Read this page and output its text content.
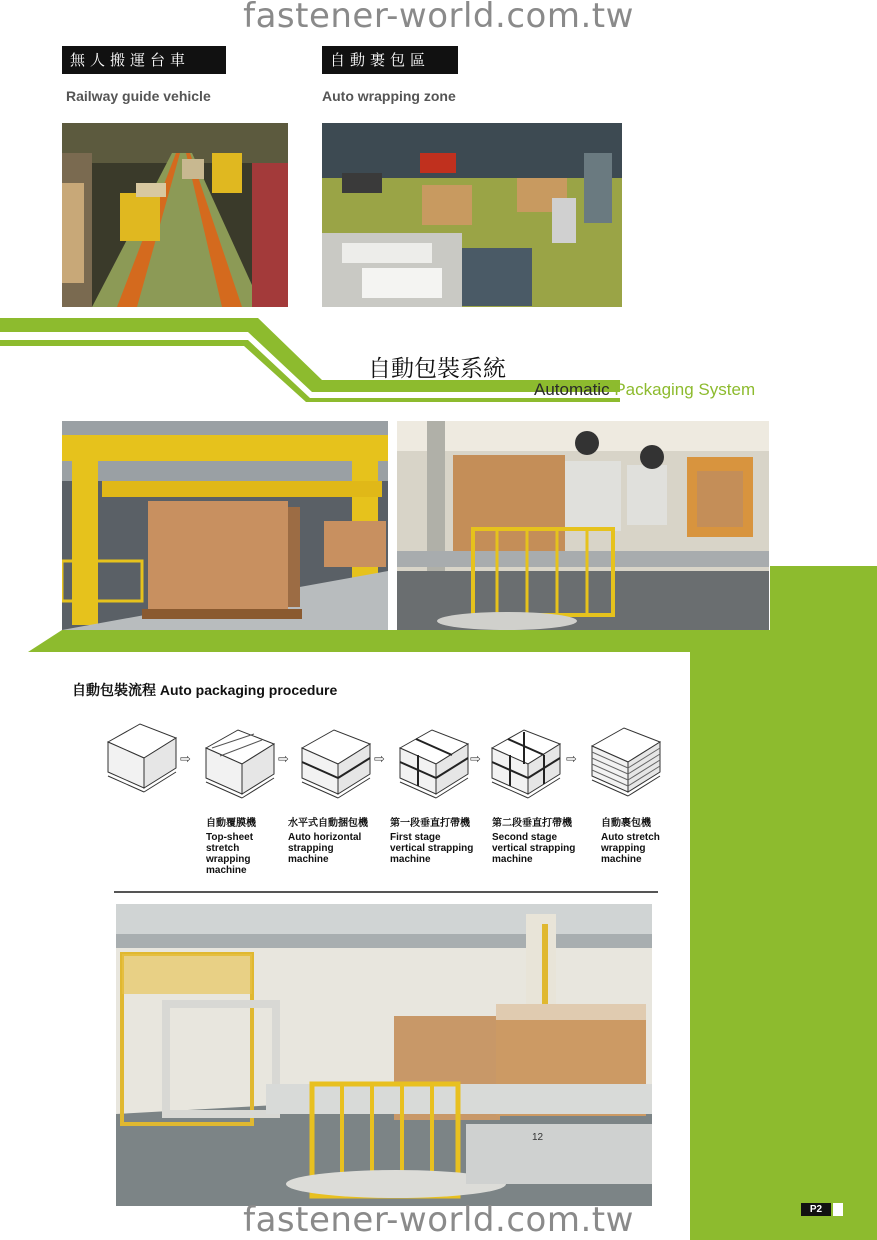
fastener-world.com.tw
無人搬運台車
Railway guide vehicle
自動裹包區
Auto wrapping zone
自動包裝系統
Automatic Packaging System
自動包裝流程 Auto packaging procedure
⇨	⇨	⇨	⇨	⇨
自動覆膜機
Top-sheet
stretch
wrapping
machine
水平式自動捆包機
Auto horizontal
strapping
machine
第一段垂直打帶機
First stage
vertical strapping
machine
第二段垂直打帶機
Second stage
vertical strapping
machine
自動裹包機
Auto stretch
wrapping
machine
12
P2
fastener-world.com.tw
